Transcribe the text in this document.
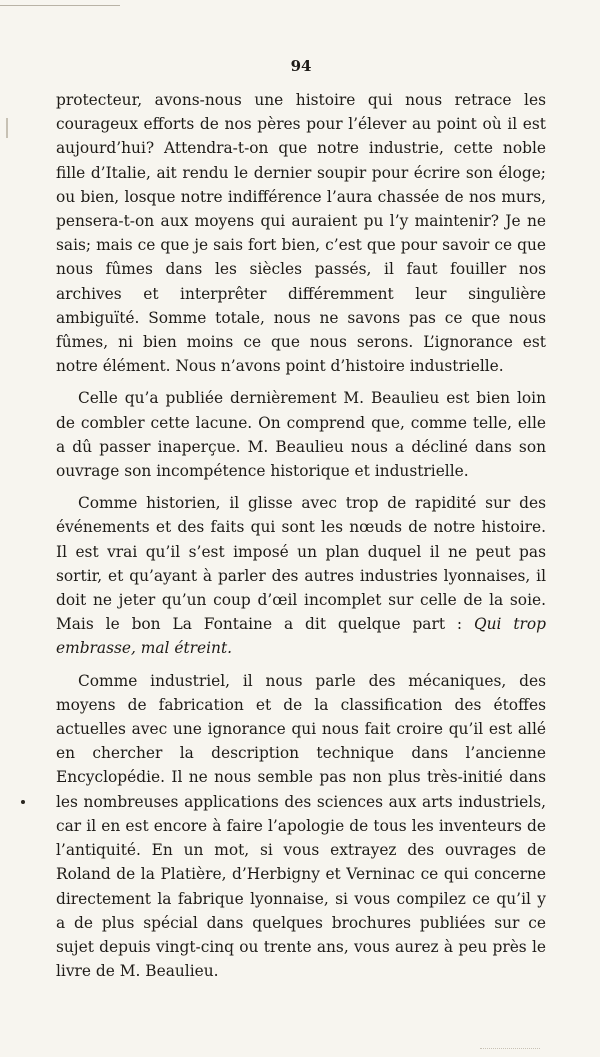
94

protecteur, avons-nous une histoire qui nous retrace les courageux efforts de nos pères pour l’élever au point où il est aujourd’hui? Attendra-t-on que notre industrie, cette noble fille d’Italie, ait rendu le dernier soupir pour écrire son éloge; ou bien, losque notre indifférence l’aura chassée de nos murs, pensera-t-on aux moyens qui auraient pu l’y maintenir? Je ne sais; mais ce que je sais fort bien, c’est que pour savoir ce que nous fûmes dans les siècles passés, il faut fouiller nos archives et interprêter différemment leur singulière ambiguïté. Somme totale, nous ne savons pas ce que nous fûmes, ni bien moins ce que nous serons. L’ignorance est notre élément. Nous n’avons point d’histoire industrielle.

Celle qu’a publiée dernièrement M. Beaulieu est bien loin de combler cette lacune. On comprend que, comme telle, elle a dû passer inaperçue. M. Beaulieu nous a décliné dans son ouvrage son incompétence historique et industrielle.

Comme historien, il glisse avec trop de rapidité sur des événements et des faits qui sont les nœuds de notre histoire. Il est vrai qu’il s’est imposé un plan duquel il ne peut pas sortir, et qu’ayant à parler des autres industries lyonnaises, il doit ne jeter qu’un coup d’œil incomplet sur celle de la soie. Mais le bon La Fontaine a dit quelque part : Qui trop embrasse, mal étreint.

Comme industriel, il nous parle des mécaniques, des moyens de fabrication et de la classification des étoffes actuelles avec une ignorance qui nous fait croire qu’il est allé en chercher la description technique dans l’ancienne Encyclopédie. Il ne nous semble pas non plus très-initié dans les nombreuses applications des sciences aux arts industriels, car il en est encore à faire l’apologie de tous les inventeurs de l’antiquité. En un mot, si vous extrayez des ouvrages de Roland de la Platière, d’Herbigny et Verninac ce qui concerne directement la fabrique lyonnaise, si vous compilez ce qu’il y a de plus spécial dans quelques brochures publiées sur ce sujet depuis vingt-cinq ou trente ans, vous aurez à peu près le livre de M. Beaulieu.
